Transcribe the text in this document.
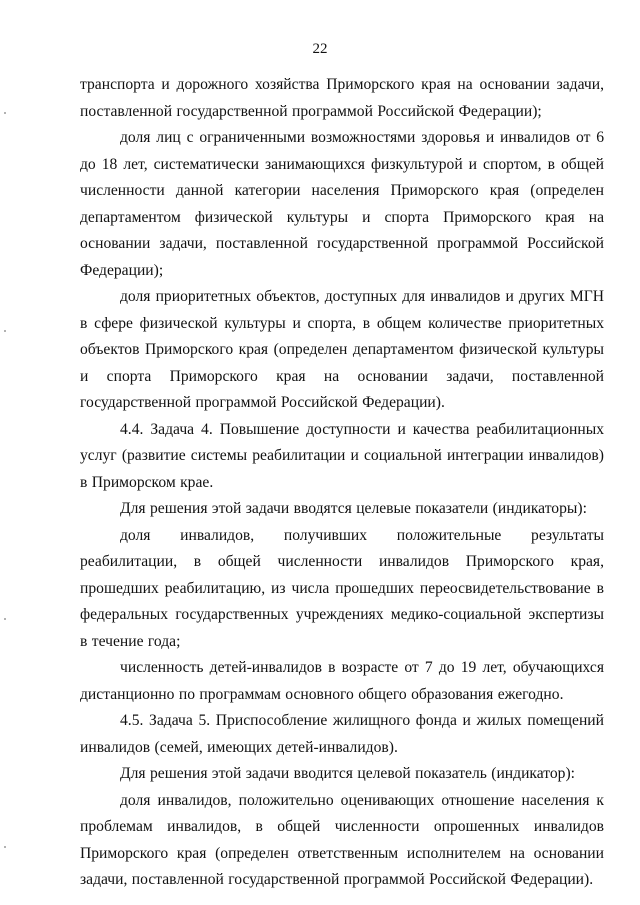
22

транспорта и дорожного хозяйства Приморского края на основании задачи, поставленной государственной программой Российской Федерации);

доля лиц с ограниченными возможностями здоровья и инвалидов от 6 до 18 лет, систематически занимающихся физкультурой и спортом, в общей численности данной категории населения Приморского края (определен департаментом физической культуры и спорта Приморского края на основании задачи, поставленной государственной программой Российской Федерации);

доля приоритетных объектов, доступных для инвалидов и других МГН в сфере физической культуры и спорта, в общем количестве приоритетных объектов Приморского края (определен департаментом физической культуры и спорта Приморского края на основании задачи, поставленной государственной программой Российской Федерации).

4.4. Задача 4. Повышение доступности и качества реабилитационных услуг (развитие системы реабилитации и социальной интеграции инвалидов) в Приморском крае.

Для решения этой задачи вводятся целевые показатели (индикаторы):

доля инвалидов, получивших положительные результаты реабилитации, в общей численности инвалидов Приморского края, прошедших реабилитацию, из числа прошедших переосвидетельствование в федеральных государственных учреждениях медико-социальной экспертизы в течение года;

численность детей-инвалидов в возрасте от 7 до 19 лет, обучающихся дистанционно по программам основного общего образования ежегодно.

4.5. Задача 5. Приспособление жилищного фонда и жилых помещений инвалидов (семей, имеющих детей-инвалидов).

Для решения этой задачи вводится целевой показатель (индикатор):

доля инвалидов, положительно оценивающих отношение населения к проблемам инвалидов, в общей численности опрошенных инвалидов Приморского края (определен ответственным исполнителем на основании задачи, поставленной государственной программой Российской Федерации).
